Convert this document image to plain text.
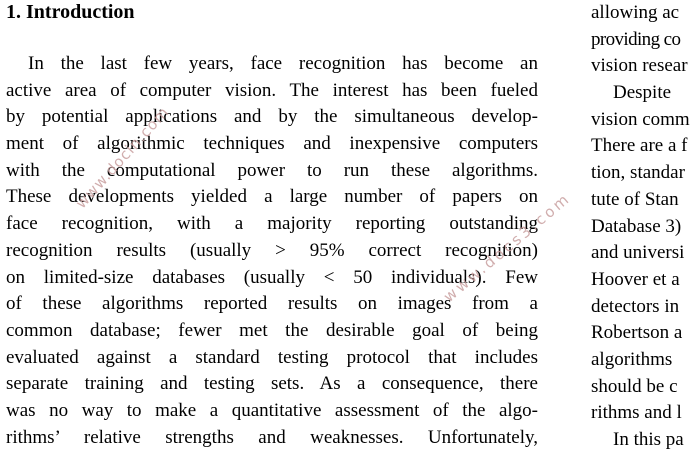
1. Introduction
In the last few years, face recognition has become an
active area of computer vision. The interest has been fueled
by potential applications and by the simultaneous develop-
ment of algorithmic techniques and inexpensive computers
with the computational power to run these algorithms.
These developments yielded a large number of papers on
face recognition, with a majority reporting outstanding
recognition results (usually > 95% correct recognition)
on limited-size databases (usually < 50 individuals). Few
of these algorithms reported results on images from a
common database; fewer met the desirable goal of being
evaluated against a standard testing protocol that includes
separate training and testing sets. As a consequence, there
was no way to make a quantitative assessment of the algo-
rithms’ relative strengths and weaknesses. Unfortunately,
allowing ac
providing co
vision resear
Despite
vision comm
There are a f
tion, standar
tute of Stan
Database 3)
and universi
Hoover et a
detectors in
Robertson a
algorithms
should be c
rithms and l
In this pa
www.docin.com
www.docs3.com
